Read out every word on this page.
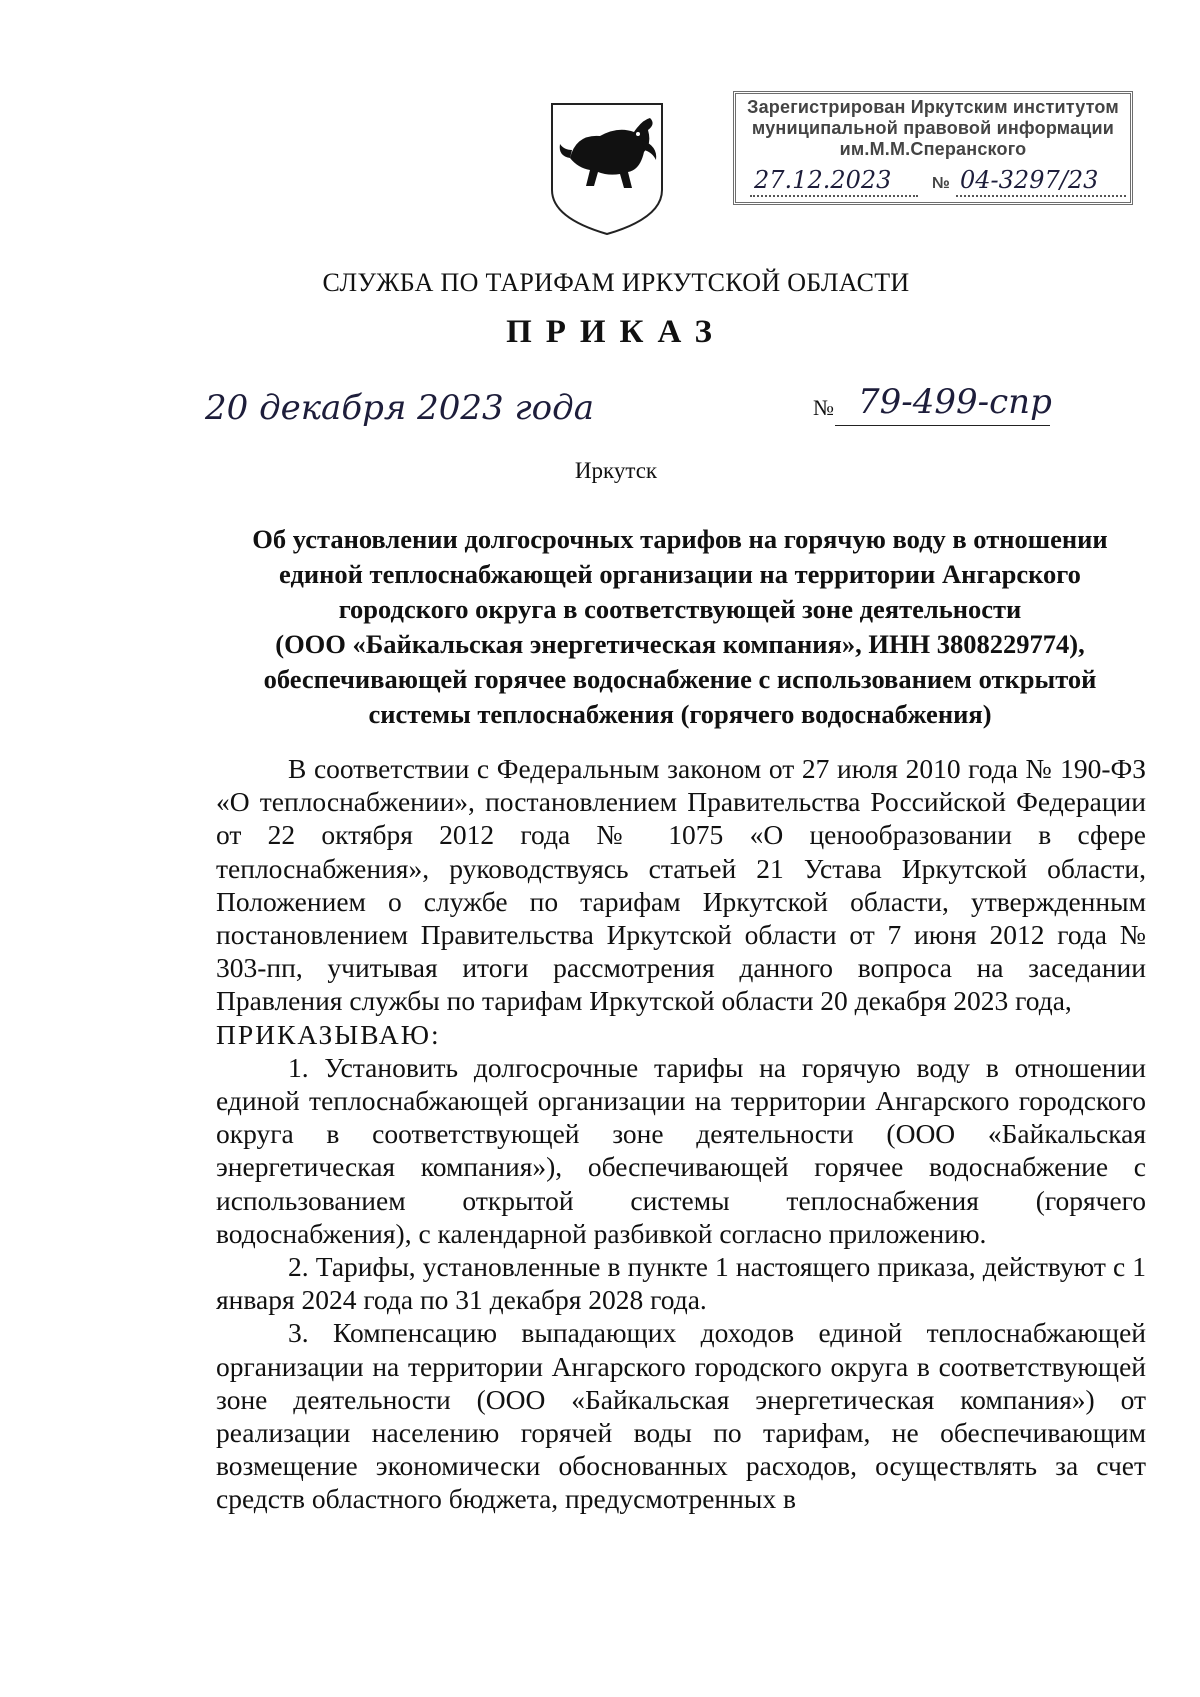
Зарегистрирован Иркутским институтом
муниципальной правовой информации
им.М.М.Сперанского
27.12.2023	№ 04-3297/23
СЛУЖБА ПО ТАРИФАМ ИРКУТСКОЙ ОБЛАСТИ
ПРИКАЗ
20 декабря 2023 года	№ 79-499-спр
Иркутск
Об установлении долгосрочных тарифов на горячую воду в отношении
единой теплоснабжающей организации на территории Ангарского
городского округа в соответствующей зоне деятельности
(ООО «Байкальская энергетическая компания», ИНН 3808229774),
обеспечивающей горячее водоснабжение с использованием открытой
системы теплоснабжения (горячего водоснабжения)

В соответствии с Федеральным законом от 27 июля 2010 года № 190-ФЗ «О теплоснабжении», постановлением Правительства Российской Федерации от 22 октября 2012 года № 1075 «О ценообразовании в сфере теплоснабжения», руководствуясь статьей 21 Устава Иркутской области, Положением о службе по тарифам Иркутской области, утвержденным постановлением Правительства Иркутской области от 7 июня 2012 года № 303-пп, учитывая итоги рассмотрения данного вопроса на заседании Правления службы по тарифам Иркутской области 20 декабря 2023 года,

ПРИКАЗЫВАЮ:

1. Установить долгосрочные тарифы на горячую воду в отношении единой теплоснабжающей организации на территории Ангарского городского округа в соответствующей зоне деятельности (ООО «Байкальская энергетическая компания»), обеспечивающей горячее водоснабжение с использованием открытой системы теплоснабжения (горячего водоснабжения), с календарной разбивкой согласно приложению.

2. Тарифы, установленные в пункте 1 настоящего приказа, действуют с 1 января 2024 года по 31 декабря 2028 года.

3. Компенсацию выпадающих доходов единой теплоснабжающей организации на территории Ангарского городского округа в соответствующей зоне деятельности (ООО «Байкальская энергетическая компания») от реализации населению горячей воды по тарифам, не обеспечивающим возмещение экономически обоснованных расходов, осуществлять за счет средств областного бюджета, предусмотренных в
